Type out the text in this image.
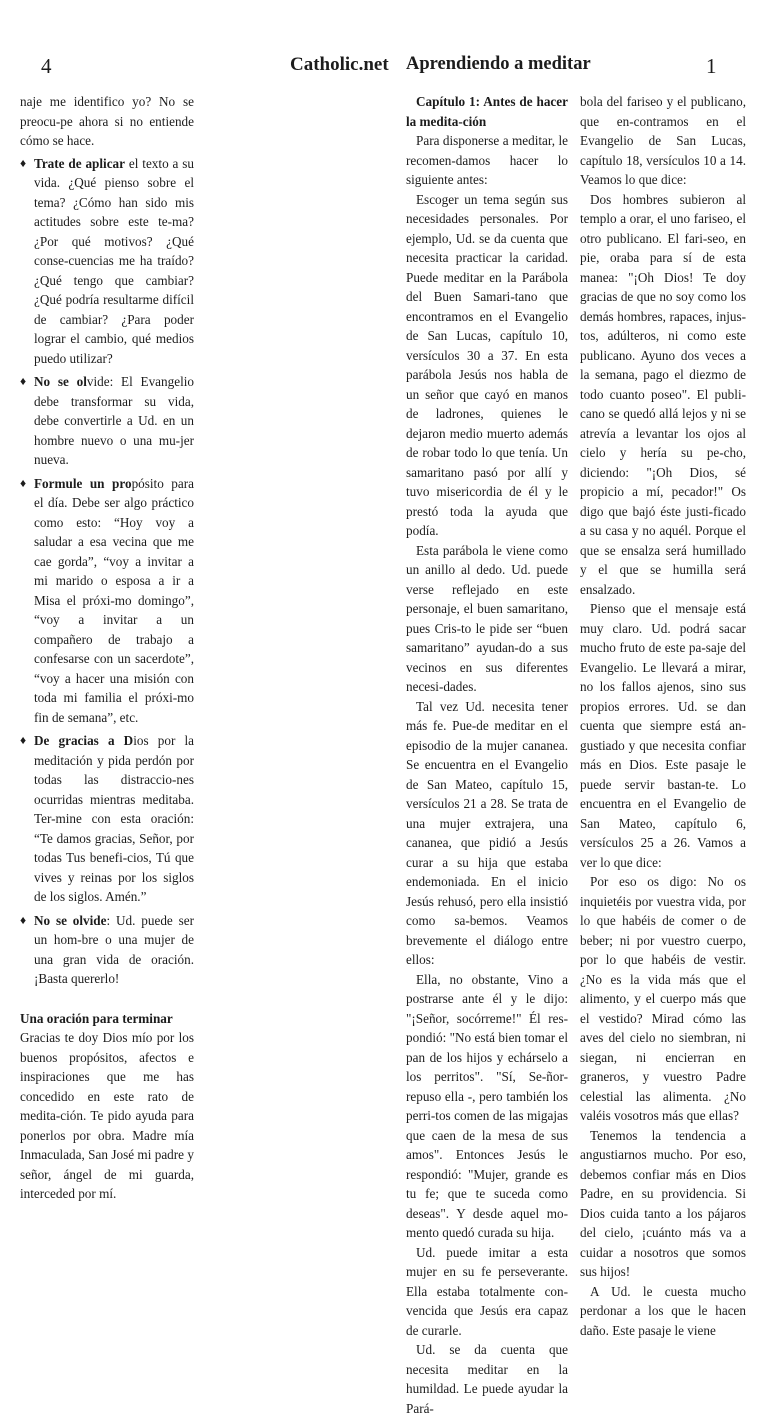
4	Catholic.net Aprendiendo a meditar	1

naje me identifico yo? No se preocu-pe ahora si no entiende cómo se hace.

♦ Trate de aplicar el texto a su vida. ¿Qué pienso sobre el tema? ¿Cómo han sido mis actitudes sobre este te-ma? ¿Por qué motivos? ¿Qué conse-cuencias me ha traído? ¿Qué tengo que cambiar? ¿Qué podría resultarme difícil de cambiar? ¿Para poder lograr el cambio, qué medios puedo utilizar?
♦ No se olvide: El Evangelio debe transformar su vida, debe convertirle a Ud. en un hombre nuevo o una mu-jer nueva.
♦ Formule un propósito para el día. Debe ser algo práctico como esto: “Hoy voy a saludar a esa vecina que me cae gorda”, “voy a invitar a mi marido o esposa a ir a Misa el próxi-mo domingo”, “voy a invitar a un compañero de trabajo a confesarse con un sacerdote”, “voy a hacer una misión con toda mi familia el próxi-mo fin de semana”, etc.
♦ De gracias a Dios por la meditación y pida perdón por todas las distraccio-nes ocurridas mientras meditaba. Ter-mine con esta oración: “Te damos gracias, Señor, por todas Tus benefi-cios, Tú que vives y reinas por los siglos de los siglos. Amén.”
♦ No se olvide: Ud. puede ser un hom-bre o una mujer de una gran vida de oración. ¡Basta quererlo!

Una oración para terminar

Gracias te doy Dios mío por los buenos propósitos, afectos e inspiraciones que me has concedido en este rato de medita-ción. Te pido ayuda para ponerlos por obra. Madre mía Inmaculada, San José mi padre y señor, ángel de mi guarda, interceded por mí.

Capítulo 1: Antes de hacer la medita-ción

Para disponerse a meditar, le recomen-damos hacer lo siguiente antes:

Escoger un tema según sus necesidades personales. Por ejemplo, Ud. se da cuenta que necesita practicar la caridad. Puede meditar en la Parábola del Buen Samari-tano que encontramos en el Evangelio de San Lucas, capítulo 10, versículos 30 a 37. En esta parábola Jesús nos habla de un señor que cayó en manos de ladrones, quienes le dejaron medio muerto además de robar todo lo que tenía. Un samaritano pasó por allí y tuvo misericordia de él y le prestó toda la ayuda que podía.

Esta parábola le viene como un anillo al dedo. Ud. puede verse reflejado en este personaje, el buen samaritano, pues Cris-to le pide ser “buen samaritano” ayudan-do a sus vecinos en sus diferentes necesi-dades.

Tal vez Ud. necesita tener más fe. Pue-de meditar en el episodio de la mujer cananea. Se encuentra en el Evangelio de San Mateo, capítulo 15, versículos 21 a 28. Se trata de una mujer extrajera, una cananea, que pidió a Jesús curar a su hija que estaba endemoniada. En el inicio Jesús rehusó, pero ella insistió como sa-bemos. Veamos brevemente el diálogo entre ellos:

Ella, no obstante, Vino a postrarse ante él y le dijo: "¡Señor, socórreme!" Él res-pondió: "No está bien tomar el pan de los hijos y echárselo a los perritos". "Sí, Se-ñor- repuso ella -, pero también los perri-tos comen de las migajas que caen de la mesa de sus amos". Entonces Jesús le respondió: "Mujer, grande es tu fe; que te suceda como deseas". Y desde aquel mo-mento quedó curada su hija.

Ud. puede imitar a esta mujer en su fe perseverante. Ella estaba totalmente con-vencida que Jesús era capaz de curarle.

Ud. se da cuenta que necesita meditar en la humildad. Le puede ayudar la Pará-

bola del fariseo y el publicano, que en-contramos en el Evangelio de San Lucas, capítulo 18, versículos 10 a 14. Veamos lo que dice:

Dos hombres subieron al templo a orar, el uno fariseo, el otro publicano. El fari-seo, en pie, oraba para sí de esta manea: "¡Oh Dios! Te doy gracias de que no soy como los demás hombres, rapaces, injus-tos, adúlteros, ni como este publicano. Ayuno dos veces a la semana, pago el diezmo de todo cuanto poseo". El publi-cano se quedó allá lejos y ni se atrevía a levantar los ojos al cielo y hería su pe-cho, diciendo: "¡Oh Dios, sé propicio a mí, pecador!" Os digo que bajó éste justi-ficado a su casa y no aquél. Porque el que se ensalza será humillado y el que se humilla será ensalzado.

Pienso que el mensaje está muy claro. Ud. podrá sacar mucho fruto de este pa-saje del Evangelio. Le llevará a mirar, no los fallos ajenos, sino sus propios errores. Ud. se dan cuenta que siempre está an-gustiado y que necesita confiar más en Dios. Este pasaje le puede servir bastan-te. Lo encuentra en el Evangelio de San Mateo, capítulo 6, versículos 25 a 26. Vamos a ver lo que dice:

Por eso os digo: No os inquietéis por vuestra vida, por lo que habéis de comer o de beber; ni por vuestro cuerpo, por lo que habéis de vestir. ¿No es la vida más que el alimento, y el cuerpo más que el vestido? Mirad cómo las aves del cielo no siembran, ni siegan, ni encierran en graneros, y vuestro Padre celestial las alimenta. ¿No valéis vosotros más que ellas?

Tenemos la tendencia a angustiarnos mucho. Por eso, debemos confiar más en Dios Padre, en su providencia. Si Dios cuida tanto a los pájaros del cielo, ¡cuánto más va a cuidar a nosotros que somos sus hijos!

A Ud. le cuesta mucho perdonar a los que le hacen daño. Este pasaje le viene
